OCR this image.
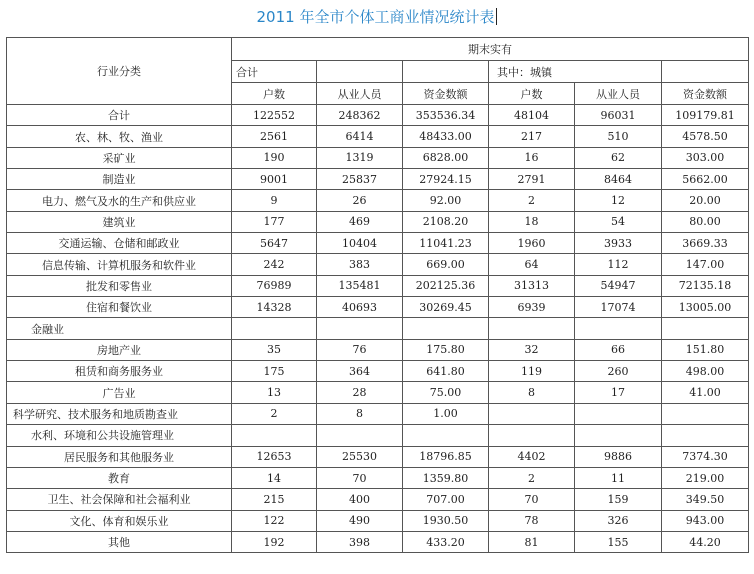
2011 年全市个体工商业情况统计表
行业分类	期末实有					
	合计			其中：城镇		
	户数	从业人员	资金数额	户数	从业人员	资金数额
合计	122552	248362	353536.34	48104	96031	109179.81
农、林、牧、渔业	2561	6414	48433.00	217	510	4578.50
采矿业	190	1319	6828.00	16	62	303.00
制造业	9001	25837	27924.15	2791	8464	5662.00
电力、燃气及水的生产和供应业	9	26	92.00	2	12	20.00
建筑业	177	469	2108.20	18	54	80.00
交通运输、仓储和邮政业	5647	10404	11041.23	1960	3933	3669.33
信息传输、计算机服务和软件业	242	383	669.00	64	112	147.00
批发和零售业	76989	135481	202125.36	31313	54947	72135.18
住宿和餐饮业	14328	40693	30269.45	6939	17074	13005.00
金融业						
房地产业	35	76	175.80	32	66	151.80
租赁和商务服务业	175	364	641.80	119	260	498.00
广告业	13	28	75.00	8	17	41.00
科学研究、技术服务和地质勘查业	2	8	1.00			
水利、环境和公共设施管理业						
居民服务和其他服务业	12653	25530	18796.85	4402	9886	7374.30
教育	14	70	1359.80	2	11	219.00
卫生、社会保障和社会福利业	215	400	707.00	70	159	349.50
文化、体育和娱乐业	122	490	1930.50	78	326	943.00
其他	192	398	433.20	81	155	44.20
